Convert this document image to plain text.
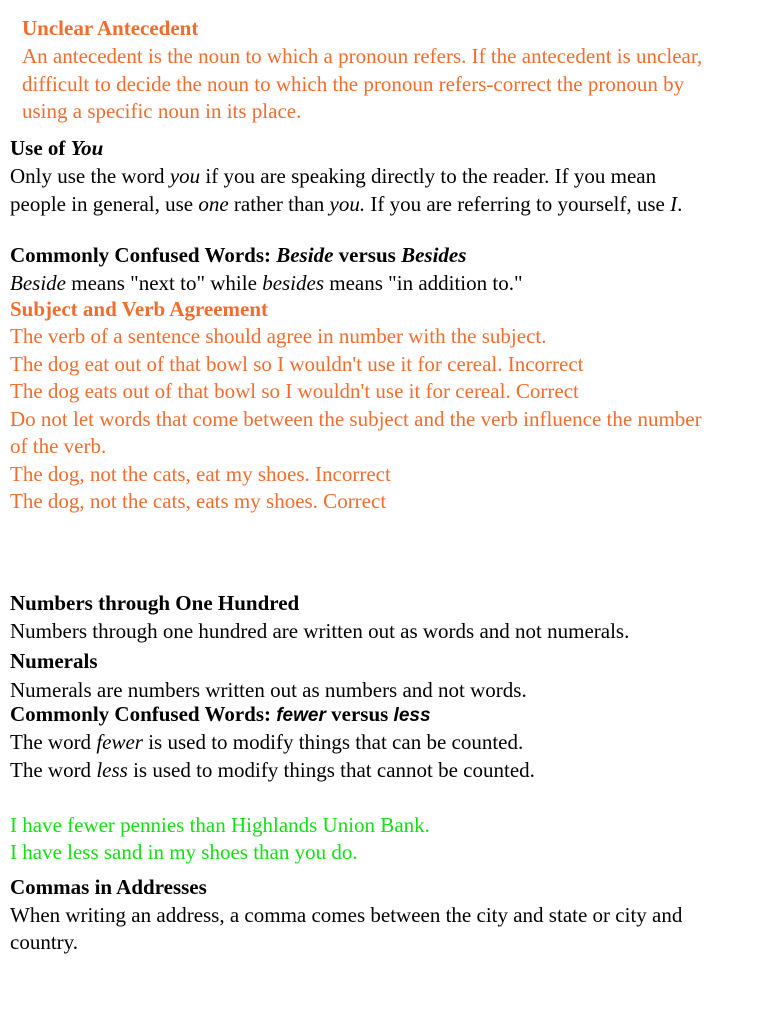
Unclear Antecedent
An antecedent is the noun to which a pronoun refers. If the antecedent is unclear,
difficult to decide the noun to which the pronoun refers-correct the pronoun by
using a specific noun in its place.
Use of You
Only use the word you if you are speaking directly to the reader. If you mean
people in general, use one rather than you. If you are referring to yourself, use I.
Commonly Confused Words: Beside versus Besides
Beside means "next to" while besides means "in addition to."
Subject and Verb Agreement
The verb of a sentence should agree in number with the subject.
The dog eat out of that bowl so I wouldn't use it for cereal. Incorrect
The dog eats out of that bowl so I wouldn't use it for cereal. Correct
Do not let words that come between the subject and the verb influence the number
of the verb.
The dog, not the cats, eat my shoes. Incorrect
The dog, not the cats, eats my shoes. Correct
Numbers through One Hundred
Numbers through one hundred are written out as words and not numerals.
Numerals
Numerals are numbers written out as numbers and not words.
Commonly Confused Words: fewer versus less
The word fewer is used to modify things that can be counted.
The word less is used to modify things that cannot be counted.
I have fewer pennies than Highlands Union Bank.
I have less sand in my shoes than you do.
Commas in Addresses
When writing an address, a comma comes between the city and state or city and
country.
